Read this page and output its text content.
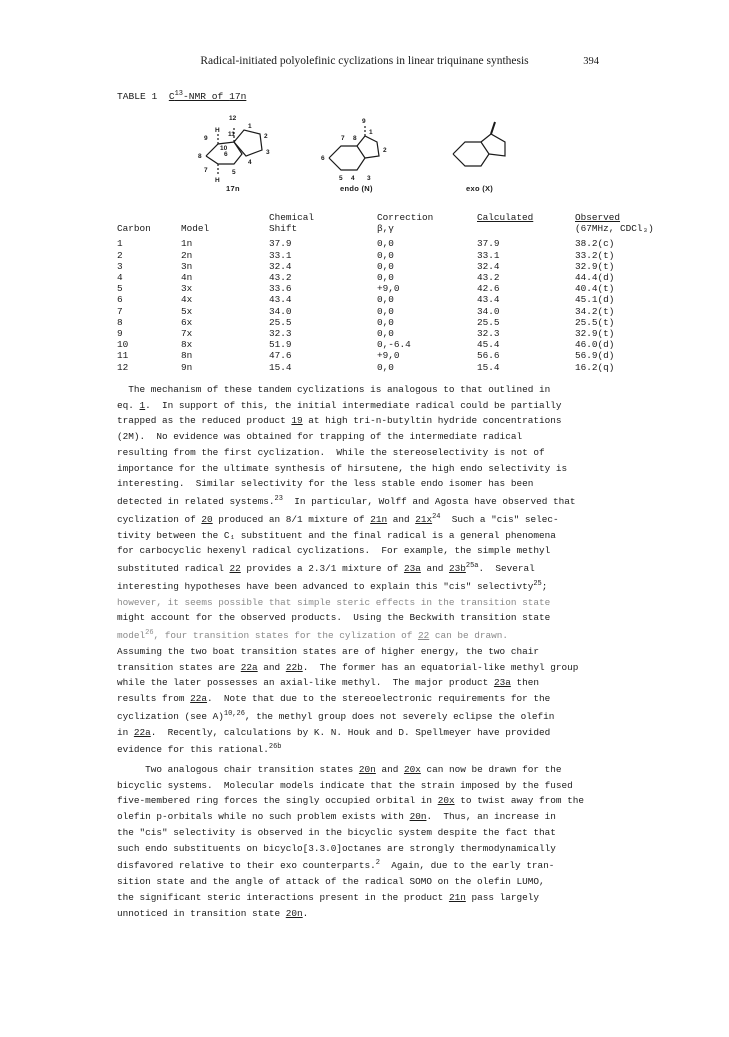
Radical-initiated polyolefinic cyclizations in linear triquinane synthesis	394
TABLE 1  $C^{13}$-NMR of 17n
12
1
2
3
4
5
6
7
8
9
10
11
H
H
17n
9
8
7
1
2
6
5 4 3
endo (N)	exo (X)
		Chemical	Correction	Calculated	Observed
Carbon	Model	Shift	β,γ		(67MHz, CDCl₃)

1	1n	37.9	0,0	37.9	38.2(c)
2	2n	33.1	0,0	33.1	33.2(t)
3	3n	32.4	0,0	32.4	32.9(t)
4	4n	43.2	0,0	43.2	44.4(d)
5	3x	33.6	+9,0	42.6	40.4(t)
6	4x	43.4	0,0	43.4	45.1(d)
7	5x	34.0	0,0	34.0	34.2(t)
8	6x	25.5	0,0	25.5	25.5(t)
9	7x	32.3	0,0	32.3	32.9(t)
10	8x	51.9	0,-6.4	45.4	46.0(d)
11	8n	47.6	+9,0	56.6	56.9(d)
12	9n	15.4	0,0	15.4	16.2(q)

The mechanism of these tandem cyclizations is analogous to that outlined in

eq. 1.  In support of this, the initial intermediate radical could be partially

trapped as the reduced product 19 at high tri-n-butyltin hydride concentrations

(2M).  No evidence was obtained for trapping of the intermediate radical

resulting from the first cyclization.  While the stereoselectivity is not of

importance for the ultimate synthesis of hirsutene, the high endo selectivity is

interesting.  Similar selectivity for the less stable endo isomer has been

detected in related systems.$^{23}$  In particular, Wolff and Agosta have observed that

cyclization of 20 produced an 8/1 mixture of 21n and $21x^{24}$  Such a "cis" selec-

tivity between the C₁ substituent and the final radical is a general phenomena

for carbocyclic hexenyl radical cyclizations.  For example, the simple methyl

substituted radical 22 provides a 2.3/1 mixture of 23a and $23b^{25a}$.  Several

interesting hypotheses have been advanced to explain this "cis" selectivty$^{25}$;

however, it seems possible that simple steric effects in the transition state

might account for the observed products.  Using the Beckwith transition state

model$^{26}$, four transition states for the cylization of 22 can be drawn.

Assuming the two boat transition states are of higher energy, the two chair

transition states are 22a and 22b.  The former has an equatorial-like methyl group

while the later possesses an axial-like methyl.  The major product 23a then

results from 22a.  Note that due to the stereoelectronic requirements for the

cyclization (see A)$^{10,26}$, the methyl group does not severely eclipse the olefin

in 22a.  Recently, calculations by K. N. Houk and D. Spellmeyer have provided

evidence for this rational.$^{26b}$

Two analogous chair transition states 20n and 20x can now be drawn for the

bicyclic systems.  Molecular models indicate that the strain imposed by the fused

five-membered ring forces the singly occupied orbital in 20x to twist away from the

olefin p-orbitals while no such problem exists with 20n.  Thus, an increase in

the "cis" selectivity is observed in the bicyclic system despite the fact that

such endo substituents on bicyclo[3.3.0]octanes are strongly thermodynamically

disfavored relative to their exo counterparts.$^2$  Again, due to the early tran-

sition state and the angle of attack of the radical SOMO on the olefin LUMO,

the significant steric interactions present in the product 21n pass largely

unnoticed in transition state 20n.
